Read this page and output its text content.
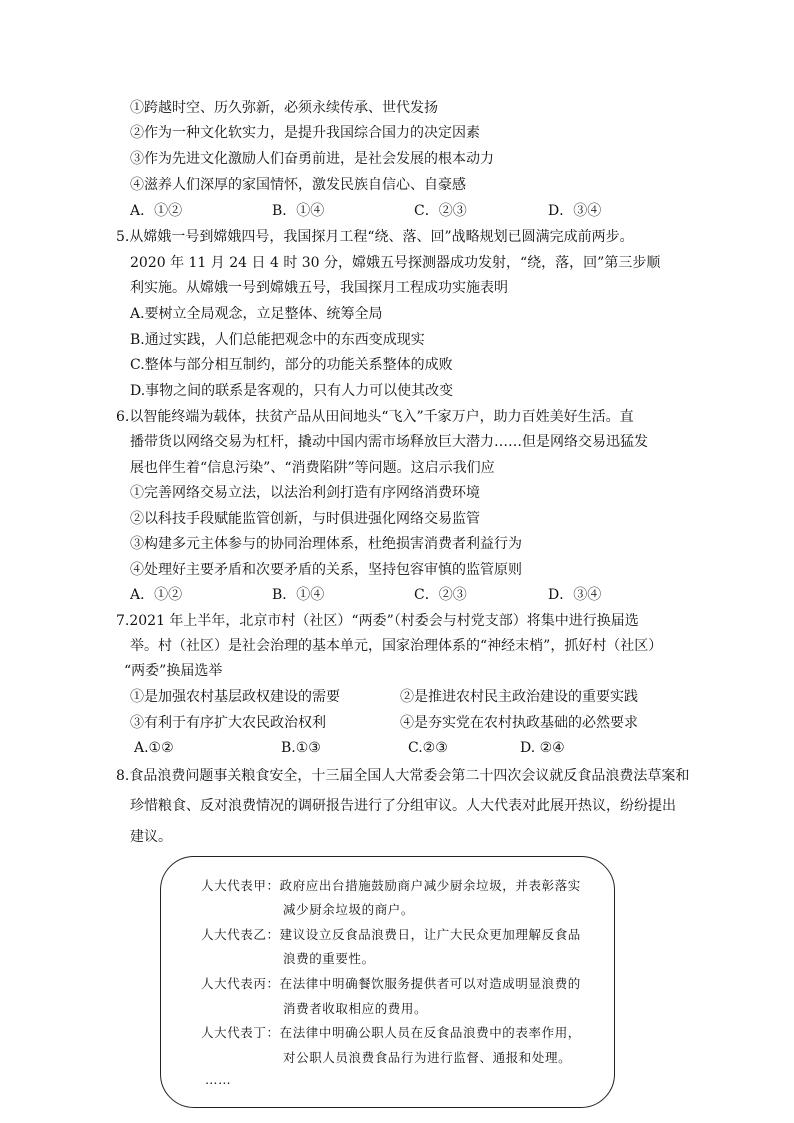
①跨越时空、历久弥新，必须永续传承、世代发扬
②作为一种文化软实力，是提升我国综合国力的决定因素
③作为先进文化激励人们奋勇前进，是社会发展的根本动力
④滋养人们深厚的家国情怀，激发民族自信心、自豪感
A．①②	B．①④	C．②③	D．③④
5.从嫦娥一号到嫦娥四号，我国探月工程“绕、落、回”战略规划已圆满完成前两步。
2020 年 11 月 24 日 4 时 30 分，嫦娥五号探测器成功发射，“绕，落，回”第三步顺
利实施。从嫦娥一号到嫦娥五号，我国探月工程成功实施表明
A.要树立全局观念，立足整体、统筹全局
B.通过实践，人们总能把观念中的东西变成现实
C.整体与部分相互制约，部分的功能关系整体的成败
D.事物之间的联系是客观的，只有人力可以使其改变
6.以智能终端为载体，扶贫产品从田间地头“飞入”千家万户，助力百姓美好生活。直
播带货以网络交易为杠杆，撬动中国内需市场释放巨大潜力……但是网络交易迅猛发
展也伴生着“信息污染”、“消费陷阱”等问题。这启示我们应
①完善网络交易立法，以法治利剑打造有序网络消费环境
②以科技手段赋能监管创新，与时俱进强化网络交易监管
③构建多元主体参与的协同治理体系，杜绝损害消费者利益行为
④处理好主要矛盾和次要矛盾的关系，坚持包容审慎的监管原则
A．①②	B．①④	C．②③	D．③④
7.2021 年上半年，北京市村（社区）“两委”（村委会与村党支部）将集中进行换届选
举。村（社区）是社会治理的基本单元，国家治理体系的“神经末梢”，抓好村（社区）
“两委”换届选举
①是加强农村基层政权建设的需要	②是推进农村民主政治建设的重要实践
③有利于有序扩大农民政治权利	④是夯实党在农村执政基础的必然要求
A.①②	B.①③	C.②③	D. ②④
8.食品浪费问题事关粮食安全，十三届全国人大常委会第二十四次会议就反食品浪费法草案和
珍惜粮食、反对浪费情况的调研报告进行了分组审议。人大代表对此展开热议，纷纷提出
建议。
人大代表甲：政府应出台措施鼓励商户减少厨余垃圾，并表彰落实
减少厨余垃圾的商户。
人大代表乙：建议设立反食品浪费日，让广大民众更加理解反食品
浪费的重要性。
人大代表丙：在法律中明确餐饮服务提供者可以对造成明显浪费的
消费者收取相应的费用。
人大代表丁：在法律中明确公职人员在反食品浪费中的表率作用，
对公职人员浪费食品行为进行监督、通报和处理。
……
